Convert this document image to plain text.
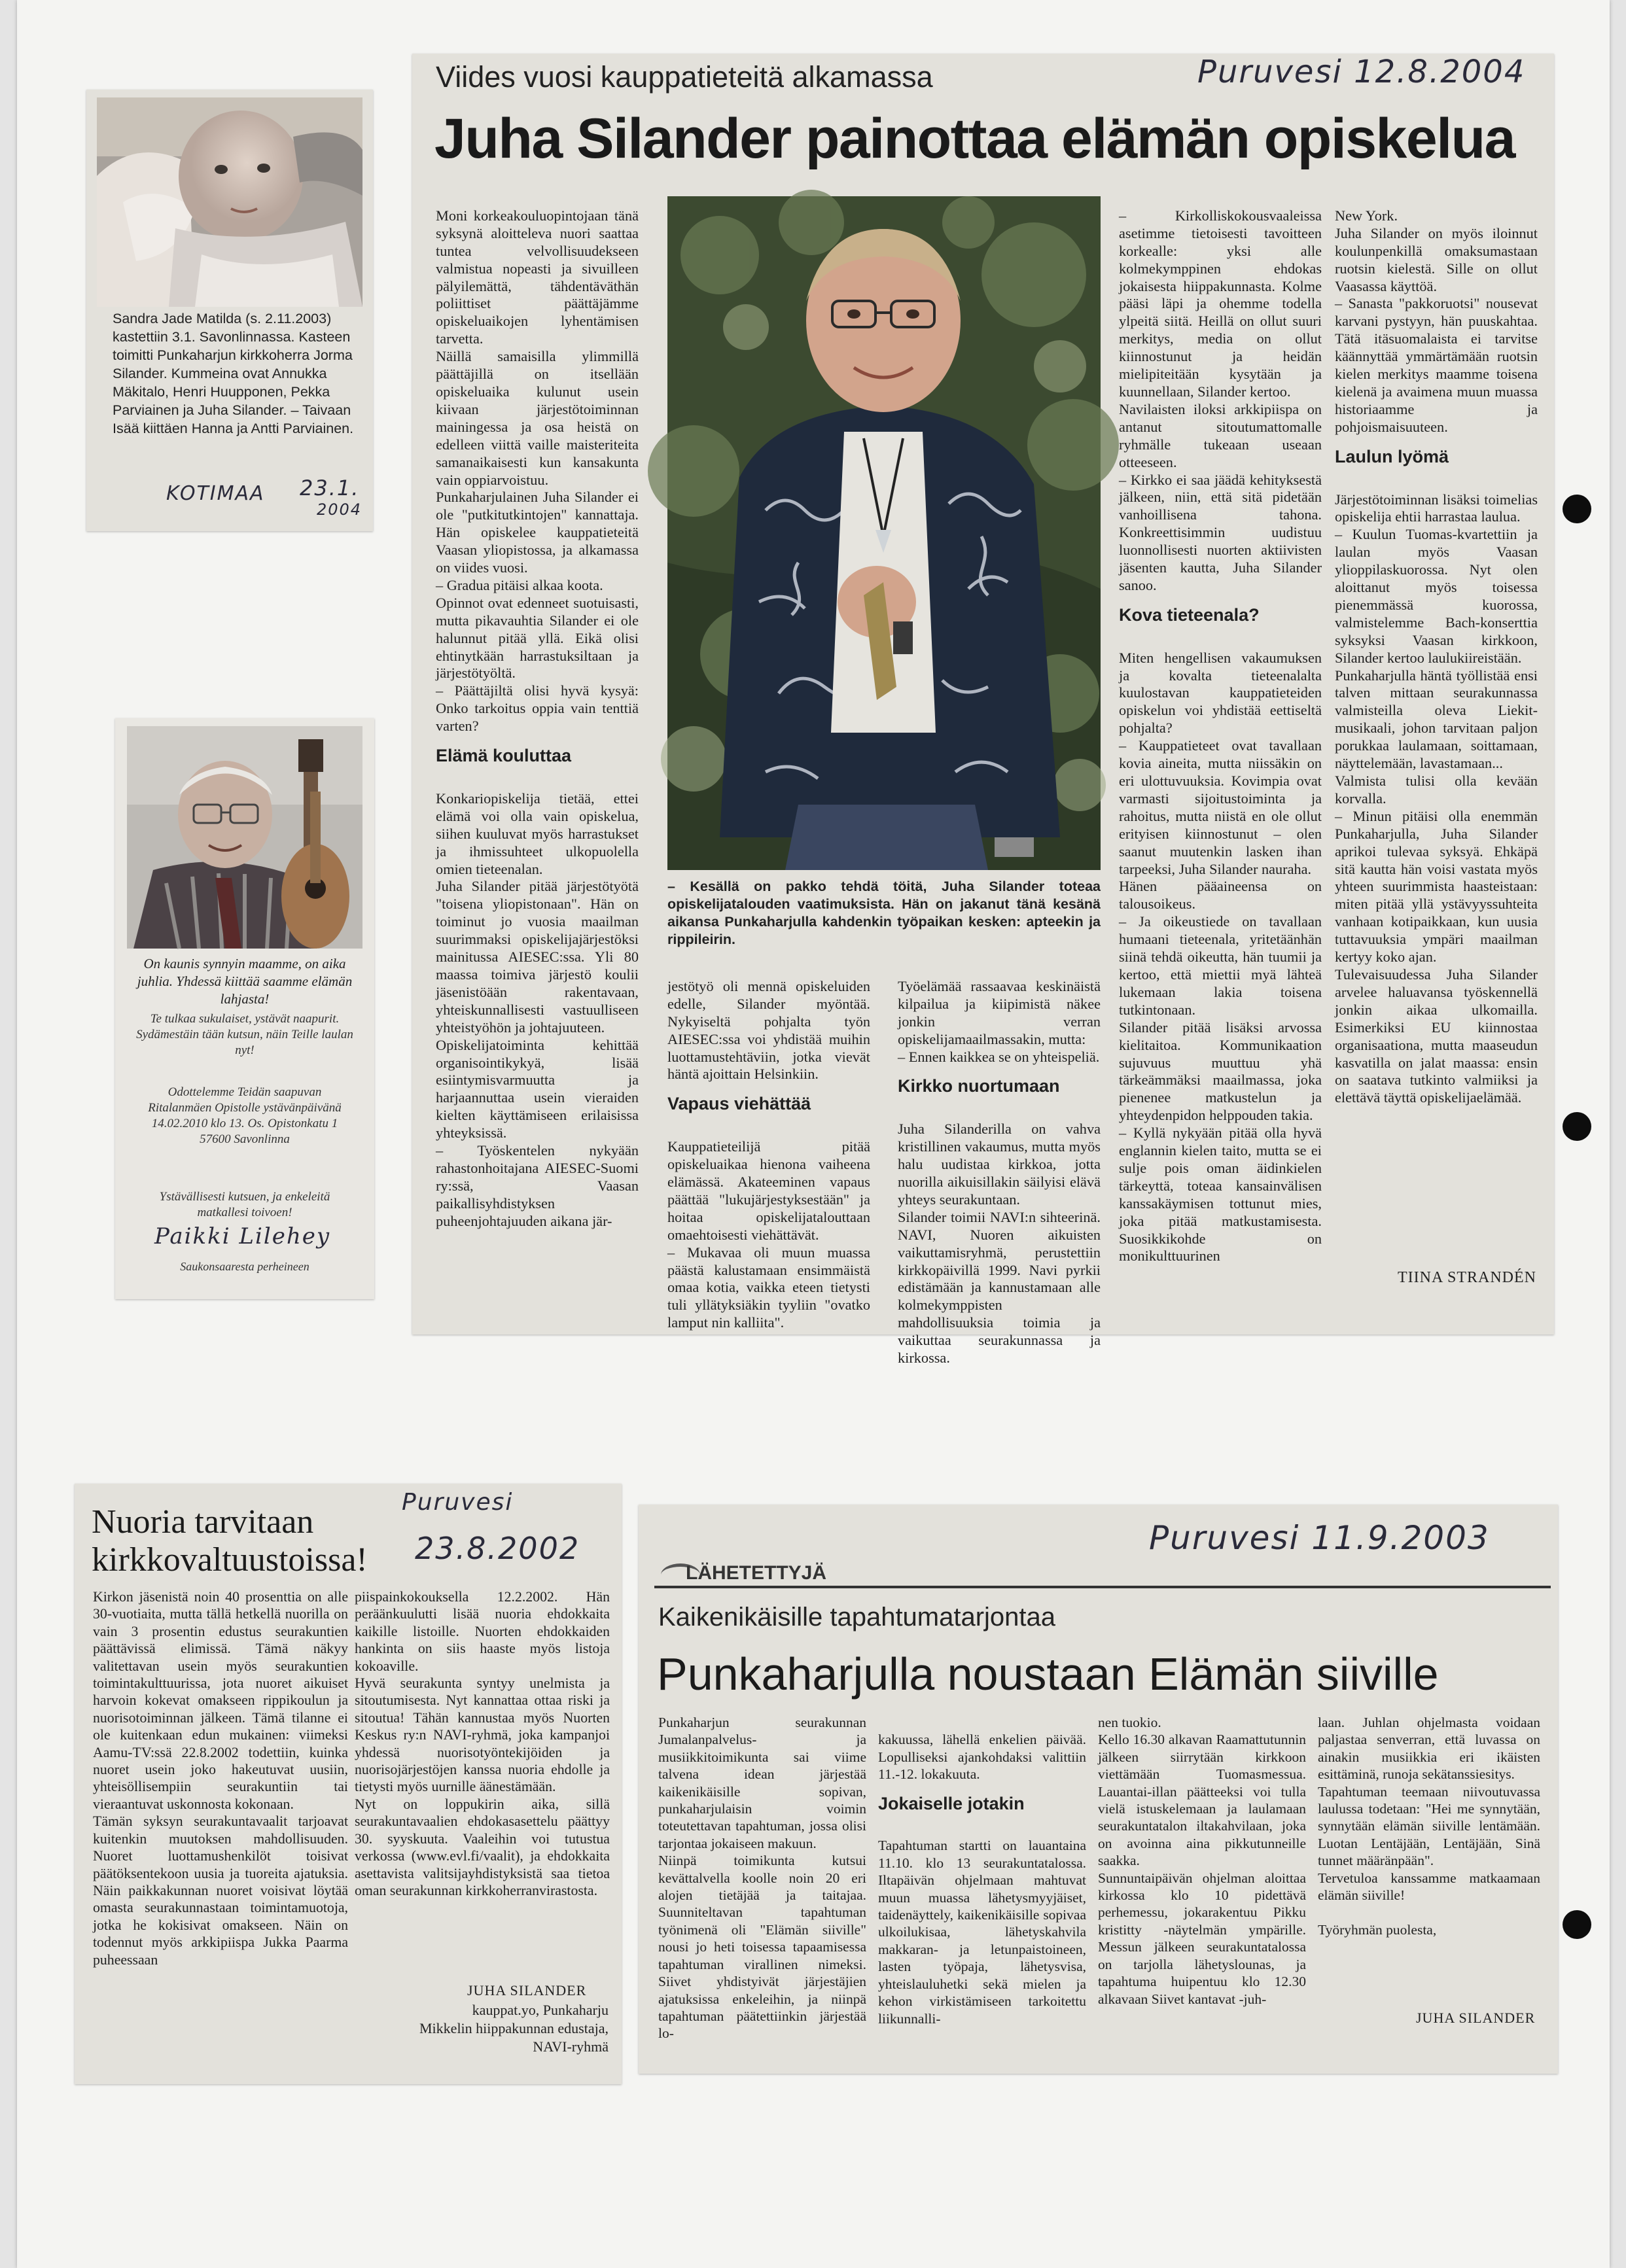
Sandra Jade Matilda (s. 2.11.2003) kastettiin 3.1. Savonlinnassa. Kasteen toimitti Punkaharjun kirkkoherra Jorma Silander. Kummeina ovat Annukka Mäkitalo, Henri Huupponen, Pekka Parviainen ja Juha Silander. – Taivaan Isää kiittäen Hanna ja Antti Parviainen.
KOTIMAA 23.1.
2004
On kaunis synnyin maamme, on aika juhlia. Yhdessä kiittää saamme elämän lahjasta!
Te tulkaa sukulaiset, ystävät naapurit. Sydämestäin tään kutsun, näin Teille laulan nyt!
Odottelemme Teidän saapuvan Ritalanmäen Opistolle ystävänpäivänä 14.02.2010 klo 13. Os. Opistonkatu 1 57600 Savonlinna
Ystävällisesti kutsuen, ja enkeleitä matkallesi toivoen!
Paikki Lilehey
Saukonsaaresta perheineen
Viides vuosi kauppatieteitä alkamassa	Puruvesi 12.8.2004
Juha Silander painottaa elämän opiskelua

Moni korkeakouluopintojaan tänä syksynä aloitteleva nuori saattaa tuntea velvollisuudekseen valmistua nopeasti ja sivuilleen pälyilemättä, tähdentäväthän poliittiset päättäjämme opiskeluaikojen lyhentämisen tarvetta.
Näillä samaisilla ylimmillä päättäjillä on itsellään opiskeluaika kulunut usein kiivaan järjestötoiminnan mainingessa ja osa heistä on edelleen viittä vaille maisteriteita samanaikaisesti kun kansakunta vain oppiarvoistuu.
Punkaharjulainen Juha Silander ei ole "putkitutkintojen" kannattaja. Hän opiskelee kauppatieteitä Vaasan yliopistossa, ja alkamassa on viides vuosi.
– Gradua pitäisi alkaa koota.
Opinnot ovat edenneet suotuisasti, mutta pikavauhtia Silander ei ole halunnut pitää yllä. Eikä olisi ehtinytkään harrastuksiltaan ja järjestötyöltä.
– Päättäjiltä olisi hyvä kysyä: Onko tarkoitus oppia vain tenttiä varten?

Elämä kouluttaa

Konkariopiskelija tietää, ettei elämä voi olla vain opiskelua, siihen kuuluvat myös harrastukset ja ihmissuhteet ulkopuolella omien tieteenalan.
Juha Silander pitää järjestötyötä "toisena yliopistonaan". Hän on toiminut jo vuosia maailman suurimmaksi opiskelijajärjestöksi mainitussa AIESEC:ssa. Yli 80 maassa toimiva järjestö koulii jäsenistöään rakentavaan, yhteiskunnallisesti vastuulliseen yhteistyöhön ja johtajuuteen.
Opiskelijatoiminta kehittää organisointikykyä, lisää esiintymisvarmuutta ja harjaannuttaa usein vieraiden kielten käyttämiseen erilaisissa yhteyksissä.
– Työskentelen nykyään rahastonhoitajana AIESEC-Suomi ry:ssä, Vaasan paikallisyhdistyksen puheenjohtajuuden aikana jär-

– Kesällä on pakko tehdä töitä, Juha Silander toteaa opiskelijatalouden vaatimuksista. Hän on jakanut tänä kesänä aikansa Punkaharjulla kahdenkin työpaikan kesken: apteekin ja rippileirin.

jestötyö oli mennä opiskeluiden edelle, Silander myöntää. Nykyiseltä pohjalta työn AIESEC:ssa voi yhdistää muihin luottamustehtäviin, jotka vievät häntä ajoittain Helsinkiin.

Vapaus viehättää

Kauppatieteilijä pitää opiskeluaikaa hienona vaiheena elämässä. Akateeminen vapaus päättää "lukujärjestyksestään" ja hoitaa opiskelijatalouttaan omaehtoisesti viehättävät.
– Mukavaa oli muun muassa päästä kalustamaan ensimmäistä omaa kotia, vaikka eteen tietysti tuli yllätyksiäkin tyyliin "ovatko lamput nin kalliita".

Työelämää rassaavaa keskinäistä kilpailua ja kiipimistä näkee jonkin verran opiskelijamaailmassakin, mutta:
– Ennen kaikkea se on yhteispeliä.

Kirkko nuortumaan

Juha Silanderilla on vahva kristillinen vakaumus, mutta myös halu uudistaa kirkkoa, jotta nuorilla aikuisillakin säilyisi elävä yhteys seurakuntaan.
Silander toimii NAVI:n sihteerinä. NAVI, Nuoren aikuisten vaikuttamisryhmä, perustettiin kirkkopäivillä 1999. Navi pyrkii edistämään ja kannustamaan alle kolmekymppisten mahdollisuuksia toimia ja vaikuttaa seurakunnassa ja kirkossa.

– Kirkolliskokousvaaleissa asetimme tietoisesti tavoitteen korkealle: yksi alle kolmekymppinen ehdokas jokaisesta hiippakunnasta. Kolme pääsi läpi ja ohemme todella ylpeitä siitä. Heillä on ollut suuri merkitys, media on ollut kiinnostunut ja heidän mielipiteitään kysytään ja kuunnellaan, Silander kertoo.
Navilaisten iloksi arkkipiispa on antanut sitoutumattomalle ryhmälle tukeaan useaan otteeseen.
– Kirkko ei saa jäädä kehityksestä jälkeen, niin, että sitä pidetään vanhoillisena tahona. Konkreettisimmin uudistuu luonnollisesti nuorten aktiivisten jäsenten kautta, Juha Silander sanoo.

Kova tieteenala?

Miten hengellisen vakaumuksen ja kovalta tieteenalalta kuulostavan kauppatieteiden opiskelun voi yhdistää eettiseltä pohjalta?
– Kauppatieteet ovat tavallaan kovia aineita, mutta niissäkin on eri ulottuvuuksia. Kovimpia ovat varmasti sijoitustoiminta ja rahoitus, mutta niistä en ole ollut erityisen kiinnostunut – olen saanut muutenkin lasken ihan tarpeeksi, Juha Silander nauraha.
Hänen pääaineensa on talousoikeus.
– Ja oikeustiede on tavallaan humaani tieteenala, yritetäänhän siinä tehdä oikeutta, hän tuumii ja kertoo, että miettii myä lähteä lukemaan lakia toisena tutkintonaan.
Silander pitää lisäksi arvossa kielitaitoa. Kommunikaation sujuvuus muuttuu yhä tärkeämmäksi maailmassa, joka pienenee matkustelun ja yhteydenpidon helppouden takia.
– Kyllä nykyään pitää olla hyvä englannin kielen taito, mutta se ei sulje pois oman äidinkielen tärkeyttä, toteaa kansainvälisen kanssakäymisen tottunut mies, joka pitää matkustamisesta. Suosikkikohde on monikulttuurinen

New York.
Juha Silander on myös iloinnut koulunpenkillä omaksumastaan ruotsin kielestä. Sille on ollut Vaasassa käyttöä.
– Sanasta "pakkoruotsi" nousevat karvani pystyyn, hän puuskahtaa. Tätä itäsuomalaista ei tarvitse käännyttää ymmärtämään ruotsin kielen merkitys maamme toisena kielenä ja avaimena muun muassa historiaamme ja pohjoismaisuuteen.

Laulun lyömä

Järjestötoiminnan lisäksi toimelias opiskelija ehtii harrastaa laulua.
– Kuulun Tuomas-kvartettiin ja laulan myös Vaasan ylioppilaskuorossa. Nyt olen aloittanut myös toisessa pienemmässä kuorossa, valmistelemme Bach-konserttia syksyksi Vaasan kirkkoon, Silander kertoo laulukiireistään.
Punkaharjulla häntä työllistää ensi talven mittaan seurakunnassa valmisteilla oleva Liekit-musikaali, johon tarvitaan paljon porukkaa laulamaan, soittamaan, näyttelemään, lavastamaan...
Valmista tulisi olla kevään korvalla.
– Minun pitäisi olla enemmän Punkaharjulla, Juha Silander aprikoi tulevaa syksyä. Ehkäpä sitä kautta hän voisi vastata myös yhteen suurimmista haasteistaan: miten pitää yllä ystävyyssuhteita vanhaan kotipaikkaan, kun uusia tuttavuuksia ympäri maailman kertyy koko ajan.
Tulevaisuudessa Juha Silander arvelee haluavansa työskennellä jonkin aikaa ulkomailla. Esimerkiksi EU kiinnostaa organisaationa, mutta maaseudun kasvatilla on jalat maassa: ensin on saatava tutkinto valmiiksi ja elettävä täyttä opiskelijaelämää.

TIINA STRANDÉN
Nuoria tarvitaan
kirkkovaltuustoissa!
Puruvesi
23.8.2002
Kirkon jäsenistä noin 40 prosenttia on alle 30-vuotiaita, mutta tällä hetkellä nuorilla on vain 3 prosentin edustus seurakuntien päättävissä elimissä. Tämä näkyy valitettavan usein myös seurakuntien toimintakulttuurissa, jota nuoret aikuiset harvoin kokevat omakseen rippikoulun ja nuorisotoiminnan jälkeen. Tämä tilanne ei ole kuitenkaan edun mukainen: viimeksi Aamu-TV:ssä 22.8.2002 todettiin, kuinka nuoret usein joko hakeutuvat uusiin, yhteisöllisempiin seurakuntiin tai vieraantuvat uskonnosta kokonaan.
Tämän syksyn seurakuntavaalit tarjoavat kuitenkin muutoksen mahdollisuuden. Nuoret luottamushenkilöt toisivat päätöksentekoon uusia ja tuoreita ajatuksia. Näin paikkakunnan nuoret voisivat löytää omasta seurakunnastaan toimintamuotoja, jotka he kokisivat omakseen. Näin on todennut myös arkkipiispa Jukka Paarma puheessaan
piispainkokouksella 12.2.2002. Hän peräänkuulutti lisää nuoria ehdokkaita kaikille listoille. Nuorten ehdokkaiden hankinta on siis haaste myös listoja kokoaville.
Hyvä seurakunta syntyy unelmista ja sitoutumisesta. Nyt kannattaa ottaa riski ja sitoutua! Tähän kannustaa myös Nuorten Keskus ry:n NAVI-ryhmä, joka kampanjoi yhdessä nuorisotyöntekijöiden ja nuorisojärjestöjen kanssa nuoria ehdolle ja tietysti myös uurnille äänestämään.
Nyt on loppukirin aika, sillä seurakuntavaalien ehdokasasettelu päättyy 30. syyskuuta. Vaaleihin voi tutustua verkossa (www.evl.fi/vaalit), ja ehdokkaita asettavista valitsijayhdistyksistä saa tietoa oman seurakunnan kirkkoherranvirastosta.
JUHA SILANDER
kauppat.yo, Punkaharju
Mikkelin hiippakunnan edustaja,
NAVI-ryhmä
Puruvesi 11.9.2003
LÄHETETTYJÄ
Kaikenikäisille tapahtumatarjontaa
Punkaharjulla noustaan Elämän siiville
Punkaharjun seurakunnan Jumalanpalvelus- ja musiikkitoimikunta sai viime talvena idean järjestää kaikenikäisille sopivan, punkaharjulaisin voimin toteutettavan tapahtuman, jossa olisi tarjontaa jokaiseen makuun.
Niinpä toimikunta kutsui kevättalvella koolle noin 20 eri alojen tietäjää ja taitajaa. Suunniteltavan tapahtuman työnimenä oli "Elämän siiville" nousi jo heti toisessa tapaamisessa tapahtuman virallinen nimeksi. Siivet yhdistyivät järjestäjien ajatuksissa enkeleihin, ja niinpä tapahtuman päätettiinkin järjestää lo-

kakuussa, lähellä enkelien päivää. Lopulliseksi ajankohdaksi valittiin 11.-12. lokakuuta.

Jokaiselle jotakin

Tapahtuman startti on lauantaina 11.10. klo 13 seurakuntatalossa. Iltapäivän ohjelmaan mahtuvat muun muassa lähetysmyyjäiset, taidenäyttely, kaikenikäisille sopivaa ulkoilukisaa, lähetyskahvila makkaran- ja letunpaistoineen, lasten työpaja, lähetysvisa, yhteislauluhetki sekä mielen ja kehon virkistämiseen tarkoitettu liikunnalli-

nen tuokio.
Kello 16.30 alkavan Raamattutunnin jälkeen siirrytään kirkkoon viettämään Tuomasmessua. Lauantai-illan päätteeksi voi tulla vielä istuskelemaan ja laulamaan seurakuntatalon iltakahvilaan, joka on avoinna aina pikkutunneille saakka.
Sunnuntaipäivän ohjelman aloittaa kirkossa klo 10 pidettävä perhemessu, jokarakentuu Pikku kristitty -näytelmän ympärille. Messun jälkeen seurakuntatalossa on tarjolla lähetyslounas, ja tapahtuma huipentuu klo 12.30 alkavaan Siivet kantavat -juh-
laan. Juhlan ohjelmasta voidaan paljastaa senverran, että luvassa on ainakin musiikkia eri ikäisten esittäminä, runoja sekätanssiesitys.
Tapahtuman teemaan niivoutuvassa laulussa todetaan: "Hei me synnytään, synnytään elämän siiville lentämään. Luotan Lentäjään, Lentäjään, Sinä tunnet määränpään".
Tervetuloa kanssamme matkaamaan elämän siiville!

Työryhmän puolesta,
JUHA SILANDER
